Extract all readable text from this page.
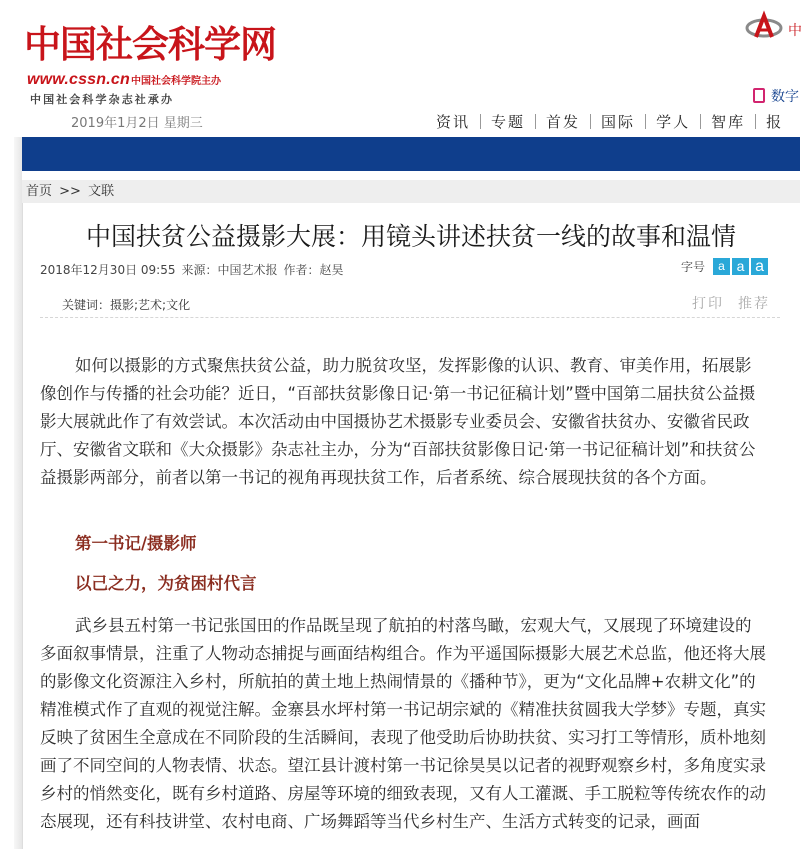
中国社会科学网
www.cssn.cn中国社会科学院主办
中国社会科学杂志社承办
2019年1月2日 星期三
中
数字
资讯 专题 首发 国际 学人 智库 报
首页 >> 文联
中国扶贫公益摄影大展：用镜头讲述扶贫一线的故事和温情
2018年12月30日 09:55 来源：中国艺术报 作者：赵昊	字号	a a a
关键词：摄影;艺术;文化	打印 推荐

如何以摄影的方式聚焦扶贫公益，助力脱贫攻坚，发挥影像的认识、教育、审美作用，拓展影像创作与传播的社会功能？近日，“百部扶贫影像日记·第一书记征稿计划”暨中国第二届扶贫公益摄影大展就此作了有效尝试。本次活动由中国摄协艺术摄影专业委员会、安徽省扶贫办、安徽省民政厅、安徽省文联和《大众摄影》杂志社主办，分为“百部扶贫影像日记·第一书记征稿计划”和扶贫公益摄影两部分，前者以第一书记的视角再现扶贫工作，后者系统、综合展现扶贫的各个方面。

第一书记/摄影师

以己之力，为贫困村代言

武乡县五村第一书记张国田的作品既呈现了航拍的村落鸟瞰，宏观大气，又展现了环境建设的多面叙事情景，注重了人物动态捕捉与画面结构组合。作为平遥国际摄影大展艺术总监，他还将大展的影像文化资源注入乡村，所航拍的黄土地上热闹情景的《播种节》，更为“文化品牌+农耕文化”的精准模式作了直观的视觉注解。金寨县水坪村第一书记胡宗斌的《精准扶贫圆我大学梦》专题，真实反映了贫困生全意成在不同阶段的生活瞬间，表现了他受助后协助扶贫、实习打工等情形，质朴地刻画了不同空间的人物表情、状态。望江县计渡村第一书记徐昊昊以记者的视野观察乡村，多角度实录乡村的悄然变化，既有乡村道路、房屋等环境的细致表现，又有人工灌溉、手工脱粒等传统农作的动态展现，还有科技讲堂、农村电商、广场舞蹈等当代乡村生产、生活方式转变的记录，画面
